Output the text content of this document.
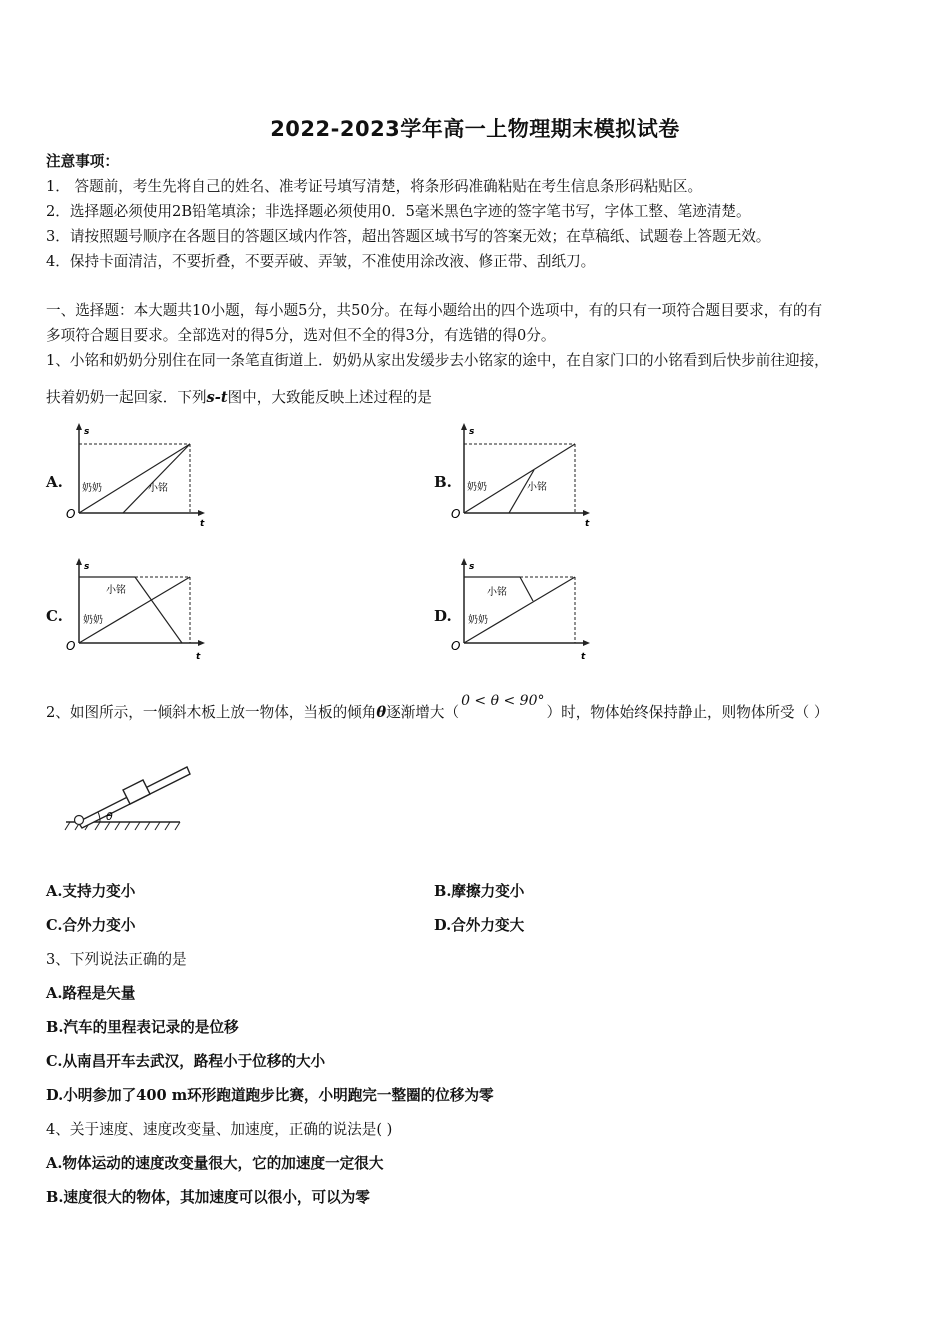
2022-2023学年高一上物理期末模拟试卷
注意事项：
1． 答题前，考生先将自己的姓名、准考证号填写清楚，将条形码准确粘贴在考生信息条形码粘贴区。
2．选择题必须使用2B铅笔填涂；非选择题必须使用0．5毫米黑色字迹的签字笔书写，字体工整、笔迹清楚。
3．请按照题号顺序在各题目的答题区域内作答，超出答题区域书写的答案无效；在草稿纸、试题卷上答题无效。
4．保持卡面清洁，不要折叠，不要弄破、弄皱，不准使用涂改液、修正带、刮纸刀。
一、选择题：本大题共10小题，每小题5分，共50分。在每小题给出的四个选项中，有的只有一项符合题目要求，有的有
多项符合题目要求。全部选对的得5分，选对但不全的得3分，有选错的得0分。
1、小铭和奶奶分别住在同一条笔直街道上．奶奶从家出发缓步去小铭家的途中，在自家门口的小铭看到后快步前往迎接，
扶着奶奶一起回家．下列s-t图中，大致能反映上述过程的是
A.	B.
C.	D.
s
t
O
奶奶	小铭
s
t
O
奶奶	小铭
s
t
O
小铭
奶奶
s
t
O
小铭
奶奶
2、如图所示，一倾斜木板上放一物体，当板的倾角θ逐渐增大（0 < θ < 90°）时，物体始终保持静止，则物体所受（ ）
θ
A.支持力变小	B.摩擦力变小
C.合外力变小	D.合外力变大
3、下列说法正确的是
A.路程是矢量
B.汽车的里程表记录的是位移
C.从南昌开车去武汉，路程小于位移的大小
D.小明参加了400 m环形跑道跑步比赛，小明跑完一整圈的位移为零
4、关于速度、速度改变量、加速度，正确的说法是( )
A.物体运动的速度改变量很大，它的加速度一定很大
B.速度很大的物体，其加速度可以很小，可以为零
